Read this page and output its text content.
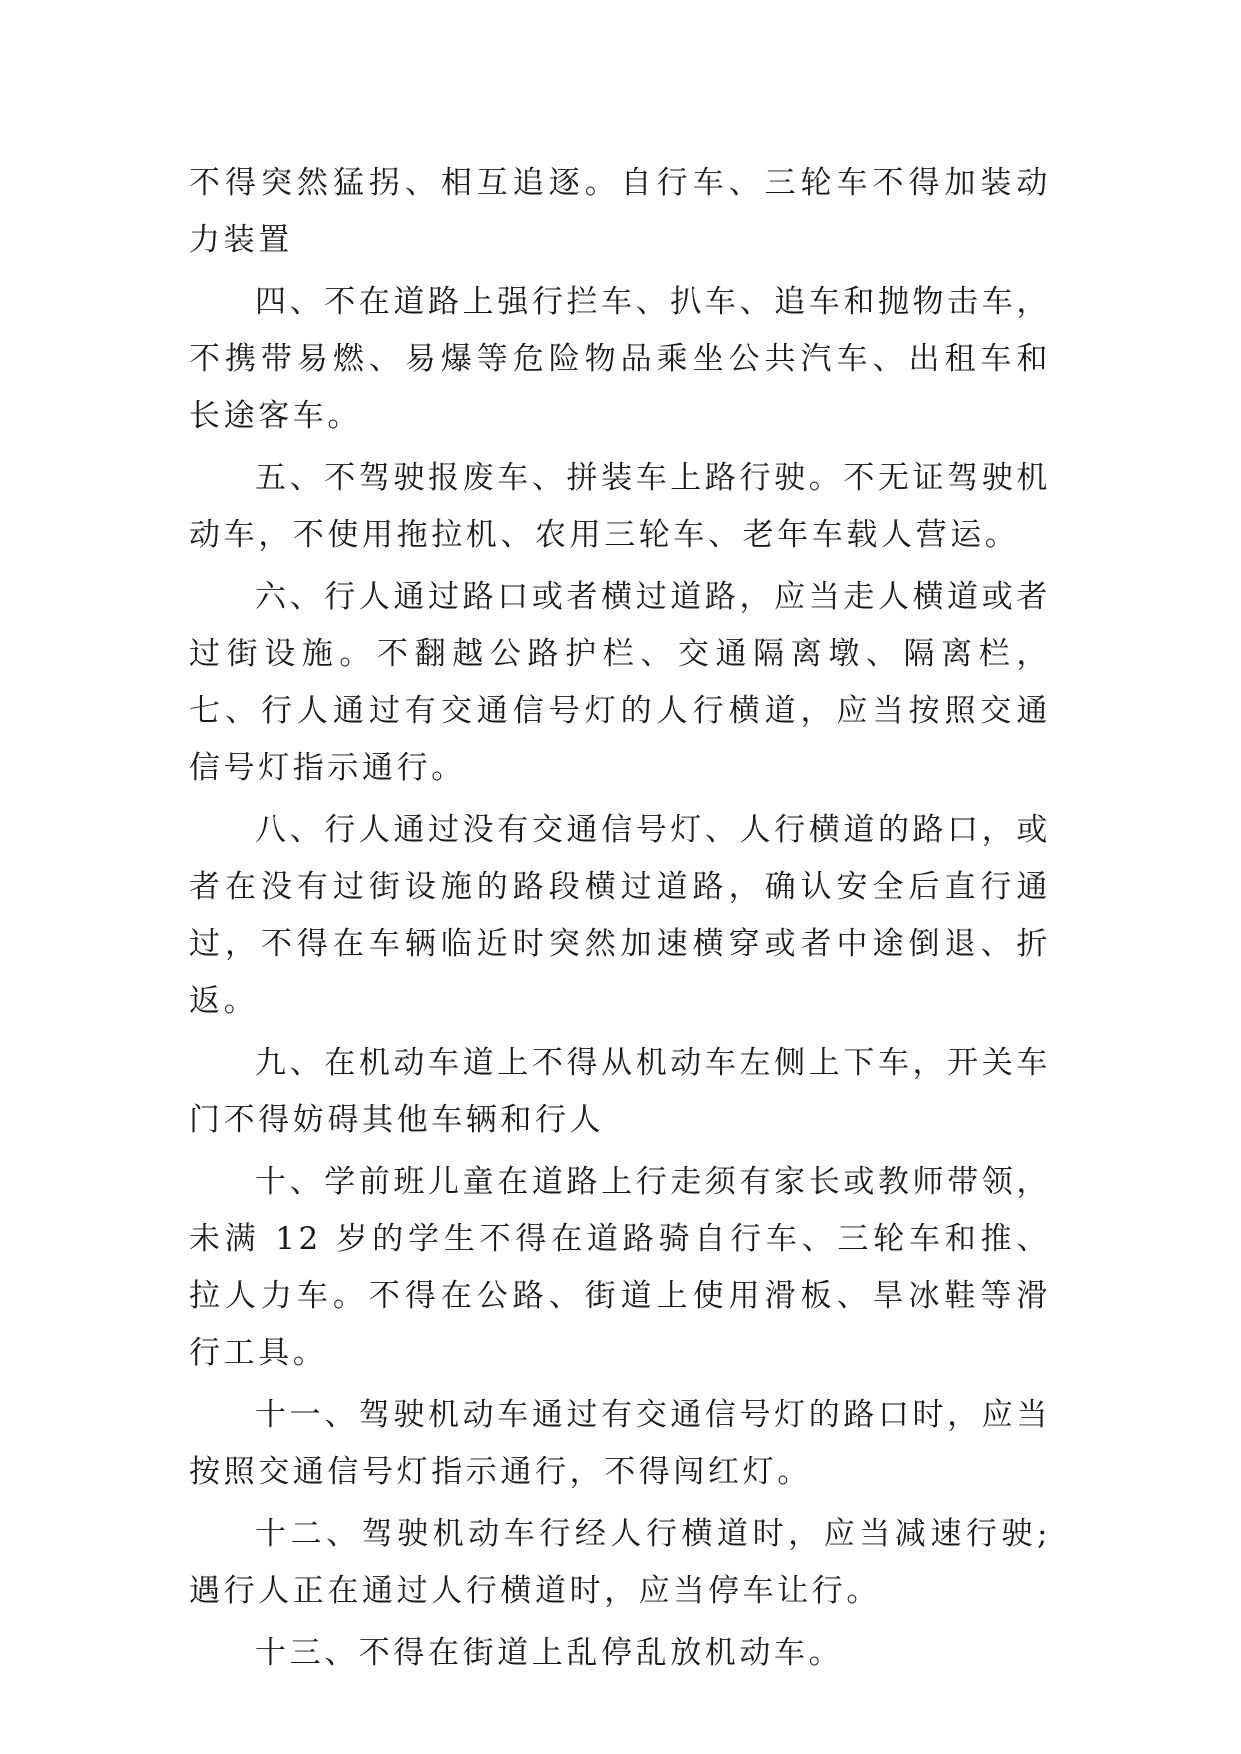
不得突然猛拐、相互追逐。自行车、三轮车不得加装动力装置

四、不在道路上强行拦车、扒车、追车和抛物击车，不携带易燃、易爆等危险物品乘坐公共汽车、出租车和长途客车。

五、不驾驶报废车、拼装车上路行驶。不无证驾驶机动车，不使用拖拉机、农用三轮车、老年车载人营运。

六、行人通过路口或者横过道路，应当走人横道或者过街设施。不翻越公路护栏、交通隔离墩、隔离栏，七、行人通过有交通信号灯的人行横道，应当按照交通信号灯指示通行。

八、行人通过没有交通信号灯、人行横道的路口，或者在没有过街设施的路段横过道路，确认安全后直行通过，不得在车辆临近时突然加速横穿或者中途倒退、折返。

九、在机动车道上不得从机动车左侧上下车，开关车门不得妨碍其他车辆和行人

十、学前班儿童在道路上行走须有家长或教师带领，未满 12 岁的学生不得在道路骑自行车、三轮车和推、拉人力车。不得在公路、街道上使用滑板、旱冰鞋等滑行工具。

十一、驾驶机动车通过有交通信号灯的路口时，应当按照交通信号灯指示通行，不得闯红灯。

十二、驾驶机动车行经人行横道时，应当减速行驶;遇行人正在通过人行横道时，应当停车让行。

十三、不得在街道上乱停乱放机动车。
